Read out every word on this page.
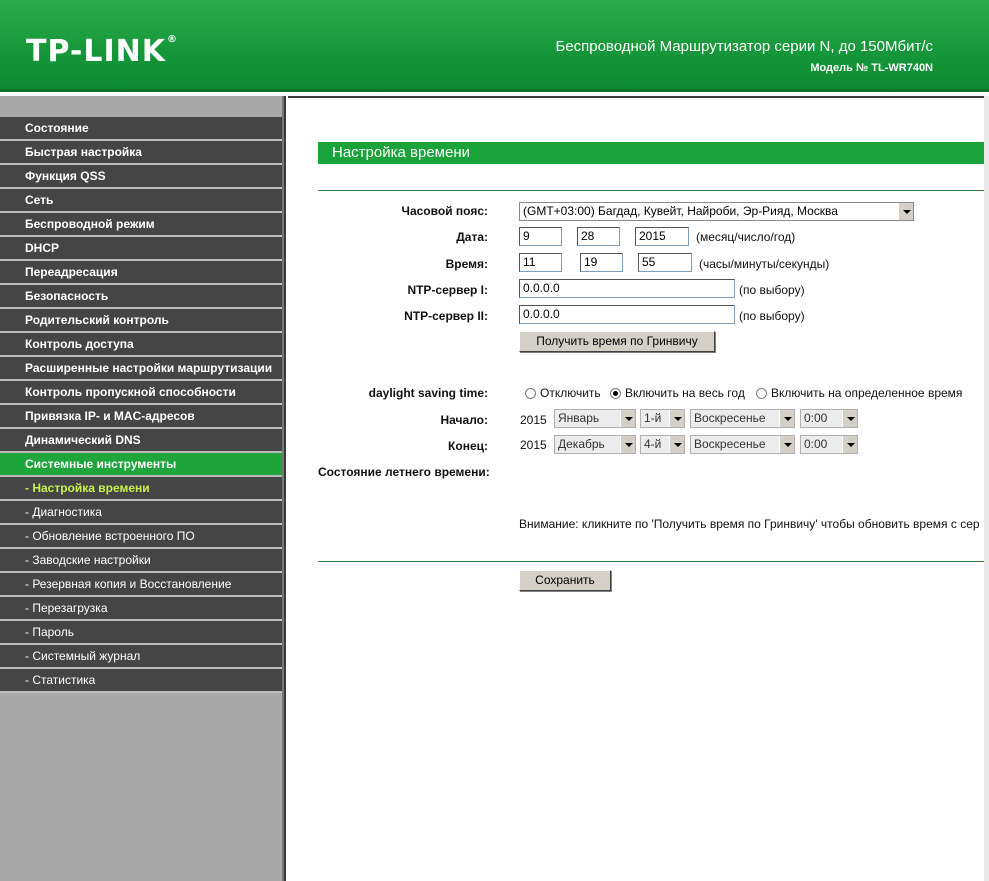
TP-LINK®	Беспроводной Маршрутизатор серии N, до 150Мбит/с
Модель № TL-WR740N
Состояние
Быстрая настройка
Функция QSS
Сеть
Беспроводной режим
DHCP
Переадресация
Безопасность
Родительский контроль
Контроль доступа
Расширенные настройки маршрутизации
Контроль пропускной способности
Привязка IP- и MAC-адресов
Динамический DNS
Системные инструменты
- Настройка времени
- Диагностика
- Обновление встроенного ПО
- Заводские настройки
- Резервная копия и Восстановление
- Перезагрузка
- Пароль
- Системный журнал
- Статистика
Настройка времени
Часовой пояс:	(GMT+03:00) Багдад, Кувейт, Найроби, Эр-Рияд, Москва
Дата:	9	28	2015	(месяц/число/год)
Время:	11	19	55	(часы/минуты/секунды)
NTP-сервер I:	0.0.0.0	(по выбору)
NTP-сервер II:	0.0.0.0	(по выбору)
Получить время по Гринвичу
daylight saving time:	Отключить Включить на весь год Включить на определенное время
Начало:	2015 Январь	1-й	Воскресенье	0:00
Конец:	2015 Декабрь	4-й	Воскресенье	0:00
Состояние летнего времени:
Внимание: кликните по 'Получить время по Гринвичу' чтобы обновить время с сер
Сохранить
